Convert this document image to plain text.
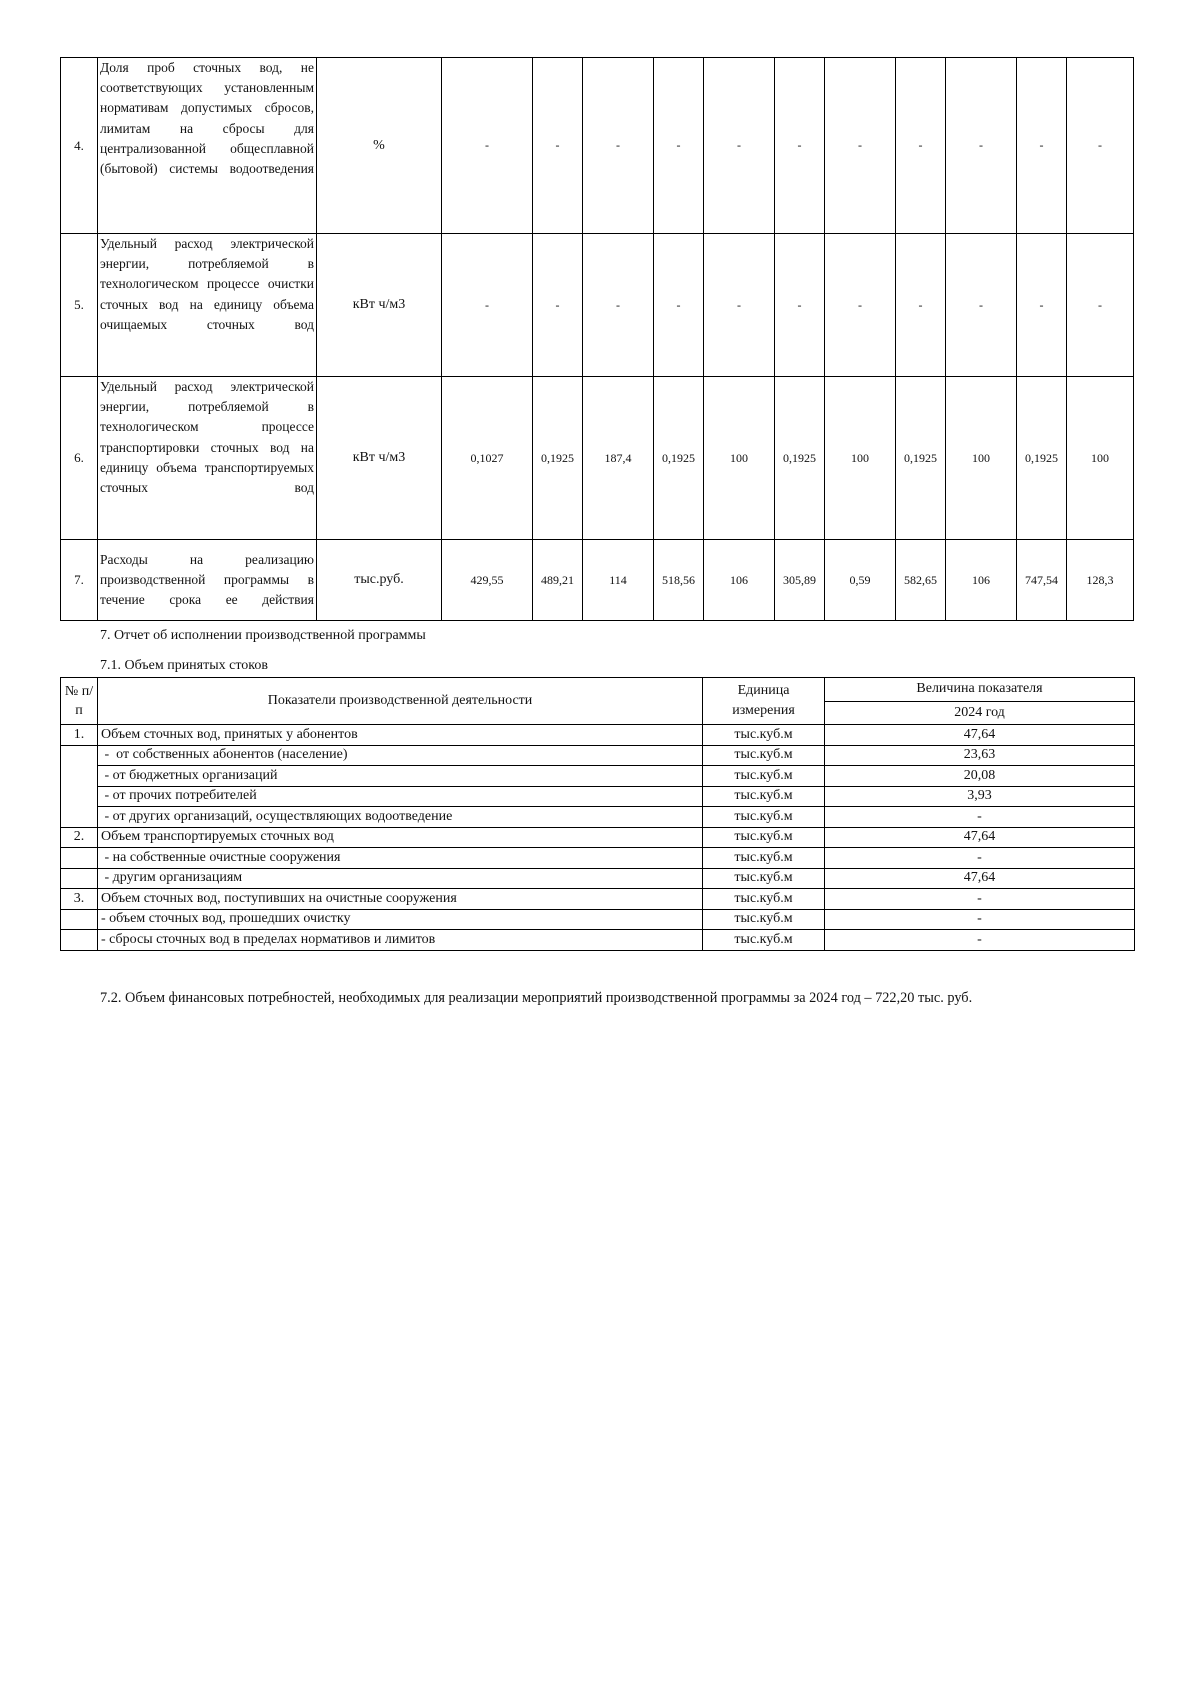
4.	Доля проб сточных вод, не соответствующих установленным нормативам допустимых сбросов, лимитам на сбросы для централизованной общесплавной (бытовой) системы водоотведения	%	-	-	-	-	-	-	-	-	-	-	-
5.	Удельный расход электрической энергии, потребляемой в технологическом процессе очистки сточных вод на единицу объема очищаемых сточных вод	кВт ч/м3	-	-	-	-	-	-	-	-	-	-	-
6.	Удельный расход электрической энергии, потребляемой в технологическом процессе транспортировки сточных вод на единицу объема транспортируемых сточных вод	кВт ч/м3	0,1027	0,1925	187,4	0,1925	100	0,1925	100	0,1925	100	0,1925	100
7.	Расходы на реализацию производственной программы в течение срока ее действия	тыс.руб.	429,55	489,21	114	518,56	106	305,89	0,59	582,65	106	747,54	128,3
7. Отчет об исполнении производственной программы
7.1. Объем принятых стоков
№ п/п	Показатели производственной деятельности	Единица измерения	Величина показателя
			2024 год
1.	Объем сточных вод, принятых у абонентов	тыс.куб.м	47,64
	-  от собственных абонентов (население)	тыс.куб.м	23,63
	- от бюджетных организаций	тыс.куб.м	20,08
	- от прочих потребителей	тыс.куб.м	3,93
	- от других организаций, осуществляющих водоотведение	тыс.куб.м	-
2.	Объем транспортируемых сточных вод	тыс.куб.м	47,64
	- на собственные очистные сооружения	тыс.куб.м	-
	- другим организациям	тыс.куб.м	47,64
3.	Объем сточных вод, поступивших на очистные сооружения	тыс.куб.м	-
	- объем сточных вод, прошедших очистку	тыс.куб.м	-
	- сбросы сточных вод в пределах нормативов и лимитов	тыс.куб.м	-
7.2. Объем финансовых потребностей, необходимых для реализации мероприятий производственной программы за 2024 год – 722,20 тыс. руб.
